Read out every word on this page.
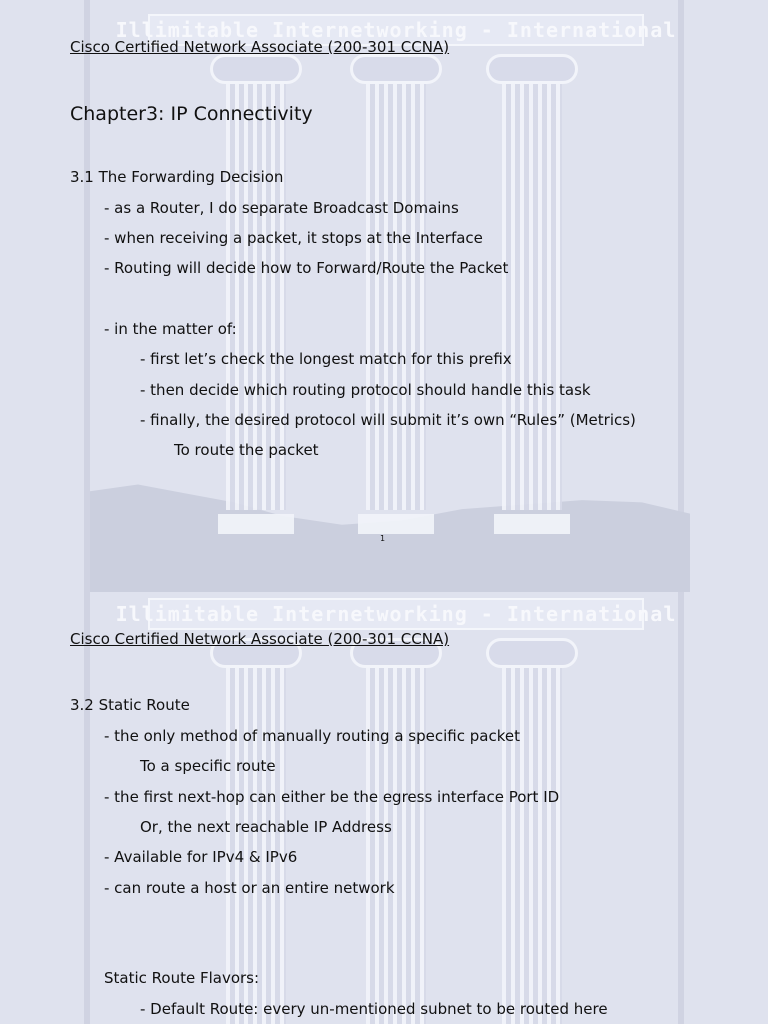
Illimitable Internetworking - International
Cisco Certified Network Associate (200-301 CCNA)
Chapter3: IP Connectivity
3.1 The Forwarding Decision
- as a Router, I do separate Broadcast Domains
- when receiving a packet, it stops at the Interface
- Routing will decide how to Forward/Route the Packet
- in the matter of:
- first let’s check the longest match for this prefix
- then decide which routing protocol should handle this task
- finally, the desired protocol will submit it’s own “Rules” (Metrics)
To route the packet
1
Illimitable Internetworking - International
Cisco Certified Network Associate (200-301 CCNA)
3.2 Static Route
- the only method of manually routing a specific packet
To a specific route
- the first next-hop can either be the egress interface Port ID
Or, the next reachable IP Address
- Available for IPv4 & IPv6
- can route a host or an entire network
Static Route Flavors:
- Default Route: every un-mentioned subnet to be routed here
